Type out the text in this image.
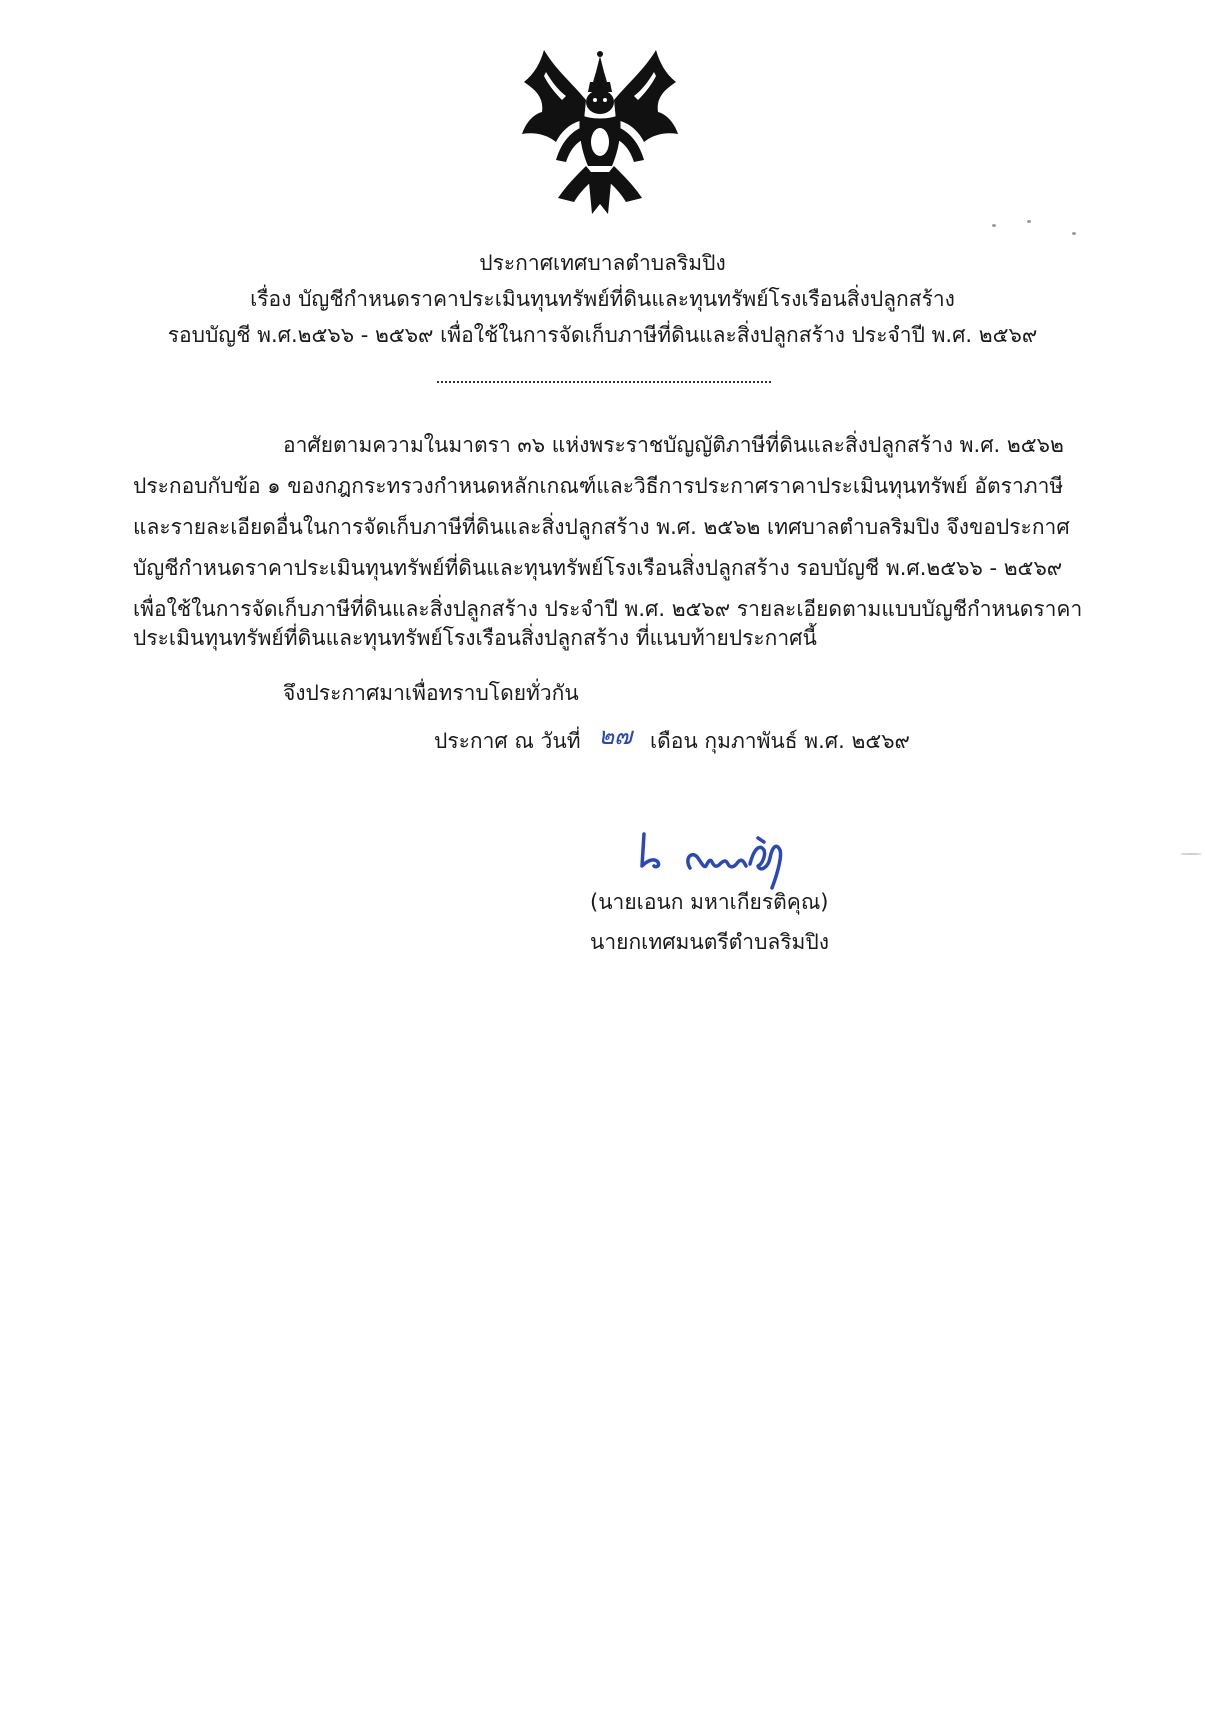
ประกาศเทศบาลตำบลริมปิง
เรื่อง บัญชีกำหนดราคาประเมินทุนทรัพย์ที่ดินและทุนทรัพย์โรงเรือนสิ่งปลูกสร้าง
รอบบัญชี พ.ศ.๒๕๖๖ - ๒๕๖๙ เพื่อใช้ในการจัดเก็บภาษีที่ดินและสิ่งปลูกสร้าง ประจำปี พ.ศ. ๒๕๖๙
อาศัยตามความในมาตรา ๓๖ แห่งพระราชบัญญัติภาษีที่ดินและสิ่งปลูกสร้าง พ.ศ. ๒๕๖๒
ประกอบกับข้อ ๑ ของกฎกระทรวงกำหนดหลักเกณฑ์และวิธีการประกาศราคาประเมินทุนทรัพย์ อัตราภาษี
และรายละเอียดอื่นในการจัดเก็บภาษีที่ดินและสิ่งปลูกสร้าง พ.ศ. ๒๕๖๒ เทศบาลตำบลริมปิง จึงขอประกาศ
บัญชีกำหนดราคาประเมินทุนทรัพย์ที่ดินและทุนทรัพย์โรงเรือนสิ่งปลูกสร้าง รอบบัญชี พ.ศ.๒๕๖๖ - ๒๕๖๙
เพื่อใช้ในการจัดเก็บภาษีที่ดินและสิ่งปลูกสร้าง ประจำปี พ.ศ. ๒๕๖๙ รายละเอียดตามแบบบัญชีกำหนดราคา
ประเมินทุนทรัพย์ที่ดินและทุนทรัพย์โรงเรือนสิ่งปลูกสร้าง ที่แนบท้ายประกาศนี้
จึงประกาศมาเพื่อทราบโดยทั่วกัน
ประกาศ ณ วันที่ ๒๗ เดือน กุมภาพันธ์ พ.ศ. ๒๕๖๙
(นายเอนก มหาเกียรติคุณ)
นายกเทศมนตรีตำบลริมปิง
